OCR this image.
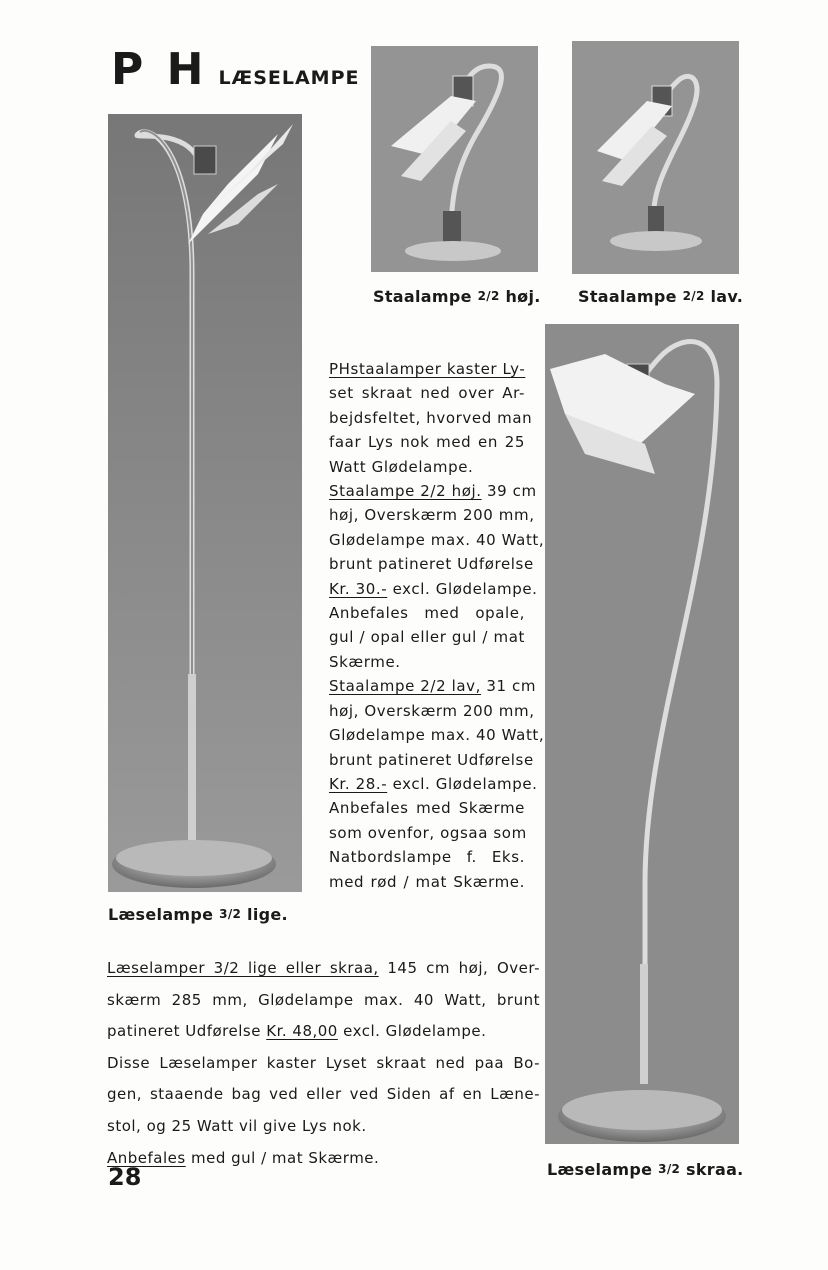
P H LÆSELAMPE
Staalampe 2/2 høj. Staalampe 2/2 lav.
Læselampe 3/2 lige.
Læselampe 3/2 skraa.

PHstaalamper kaster Ly-

set skraat ned over Ar-

bejdsfeltet, hvorved man

faar Lys nok med en 25

Watt Glødelampe.

Staalampe 2/2 høj. 39 cm

høj, Overskærm 200 mm,

Glødelampe max. 40 Watt,

brunt patineret Udførelse

Kr. 30.- excl. Glødelampe.

Anbefales med opale,

gul / opal eller gul / mat

Skærme.

Staalampe 2/2 lav, 31 cm

høj, Overskærm 200 mm,

Glødelampe max. 40 Watt,

brunt patineret Udførelse

Kr. 28.- excl. Glødelampe.

Anbefales med Skærme

som ovenfor, ogsaa som

Natbordslampe f. Eks.

med rød / mat Skærme.

Læselamper 3/2 lige eller skraa, 145 cm høj, Over-

skærm 285 mm, Glødelampe max. 40 Watt, brunt

patineret Udførelse Kr. 48,00 excl. Glødelampe.

Disse Læselamper kaster Lyset skraat ned paa Bo-

gen, staaende bag ved eller ved Siden af en Læne-

stol, og 25 Watt vil give Lys nok.

Anbefales med gul / mat Skærme.

28
